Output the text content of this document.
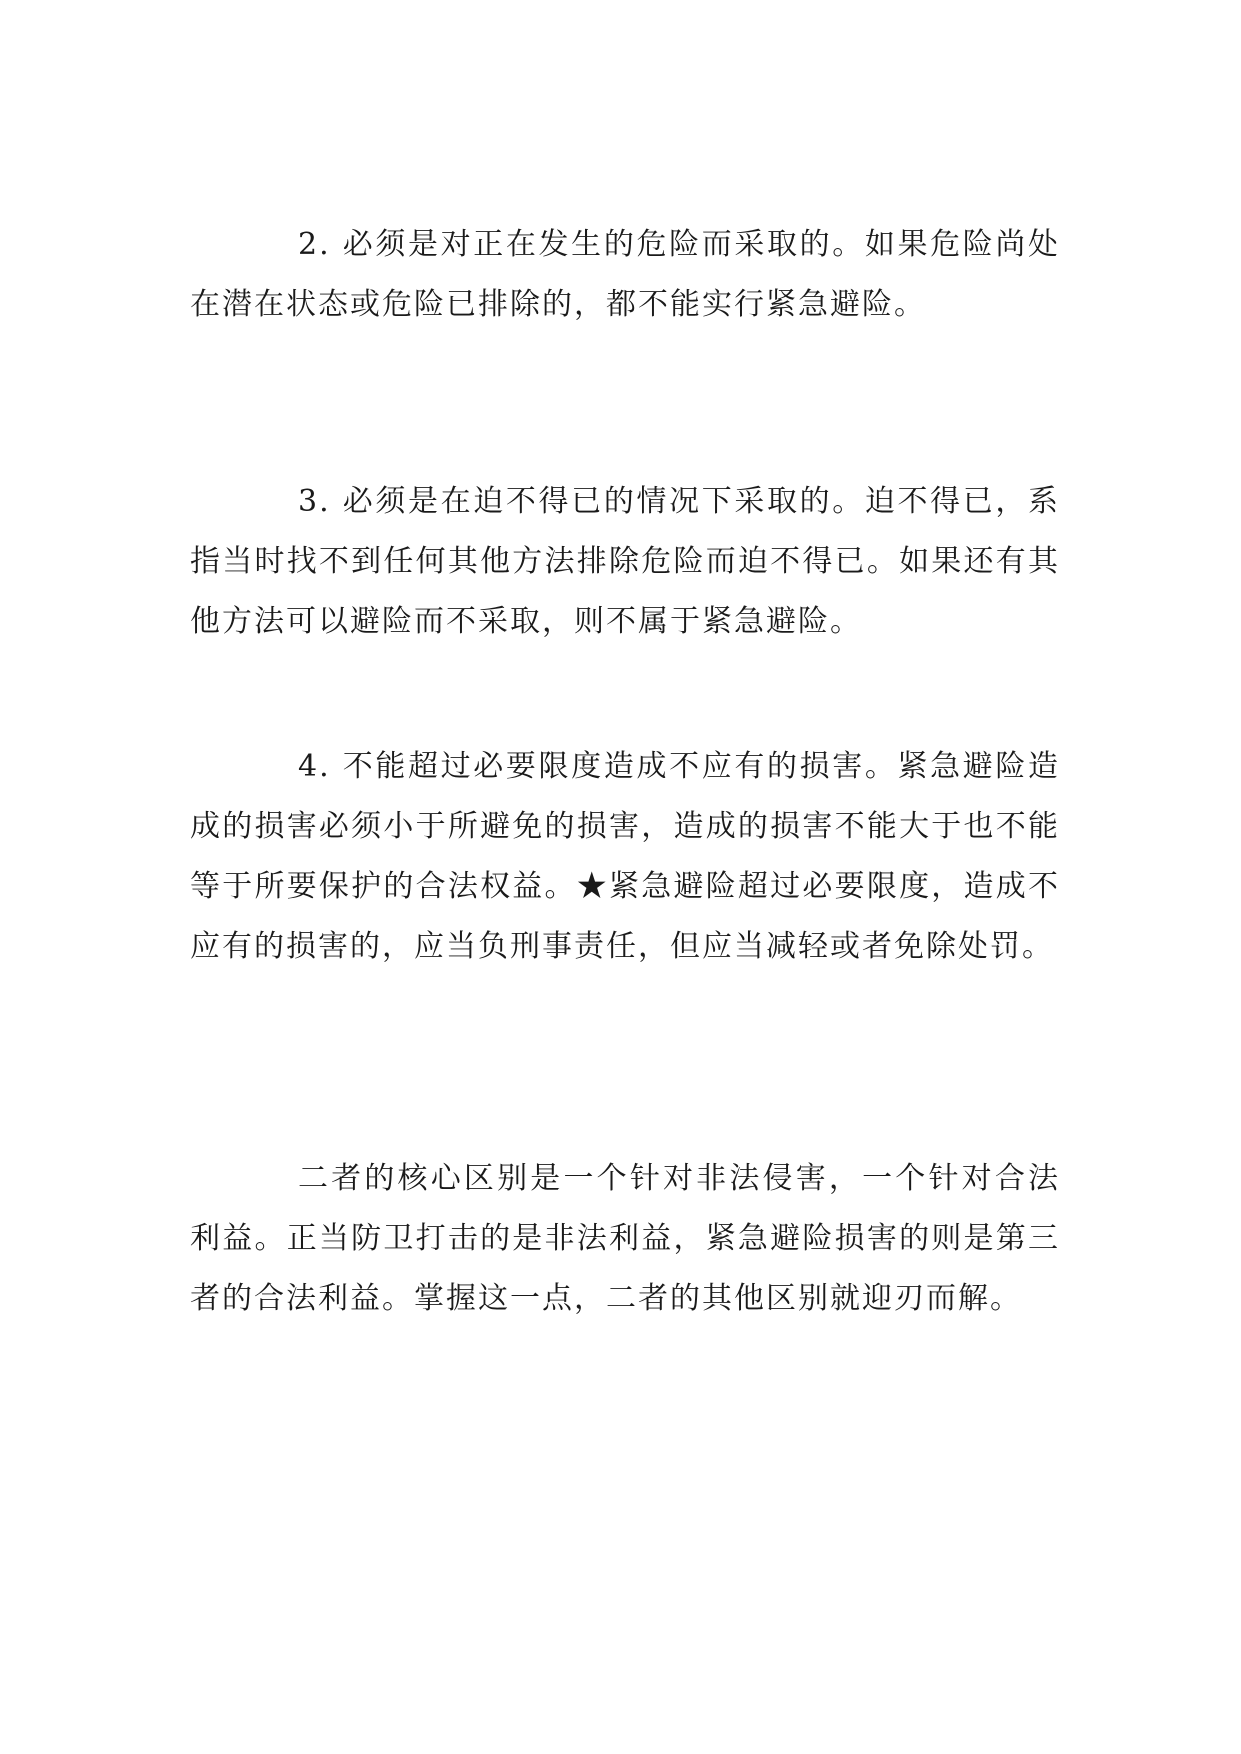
2. 必须是对正在发生的危险而采取的。如果危险尚处在潜在状态或危险已排除的，都不能实行紧急避险。

3. 必须是在迫不得已的情况下采取的。迫不得已，系指当时找不到任何其他方法排除危险而迫不得已。如果还有其他方法可以避险而不采取，则不属于紧急避险。

4. 不能超过必要限度造成不应有的损害。紧急避险造成的损害必须小于所避免的损害，造成的损害不能大于也不能等于所要保护的合法权益。★紧急避险超过必要限度，造成不应有的损害的，应当负刑事责任，但应当减轻或者免除处罚。

二者的核心区别是一个针对非法侵害，一个针对合法利益。正当防卫打击的是非法利益，紧急避险损害的则是第三者的合法利益。掌握这一点，二者的其他区别就迎刃而解。
